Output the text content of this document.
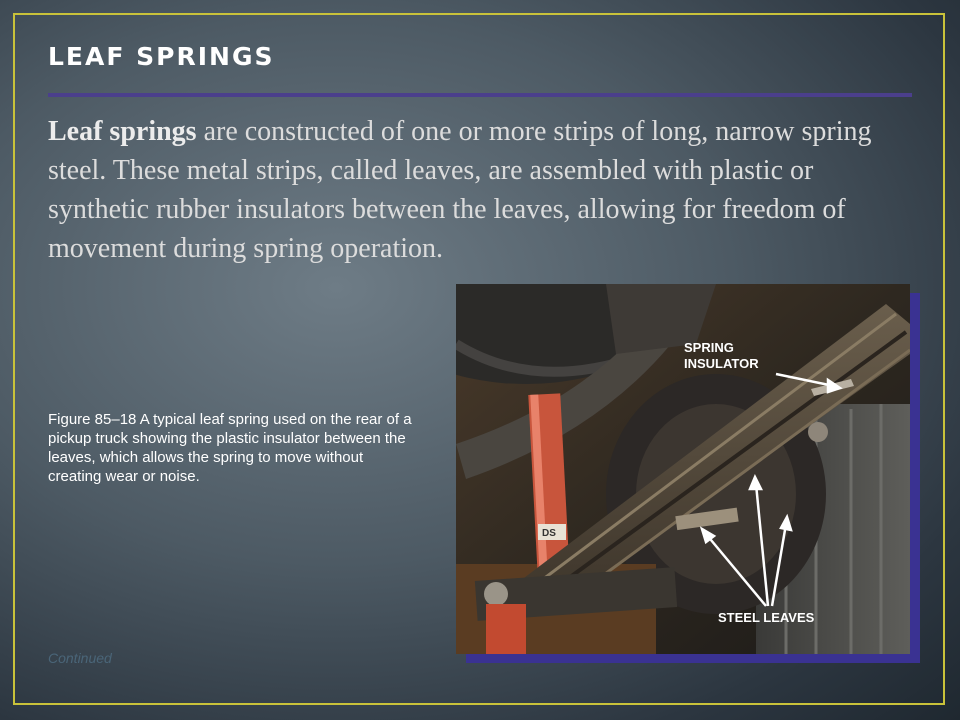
LEAF SPRINGS

Leaf springs are constructed of one or more strips of long, narrow spring steel. These metal strips, called leaves, are assembled with plastic or synthetic rubber insulators between the leaves, allowing for freedom of movement during spring operation.

Figure 85–18 A typical leaf spring used on the rear of a pickup truck showing the plastic insulator between the leaves, which allows the spring to move without creating wear or noise.

Continued
DS
SPRING
INSULATOR
STEEL LEAVES
